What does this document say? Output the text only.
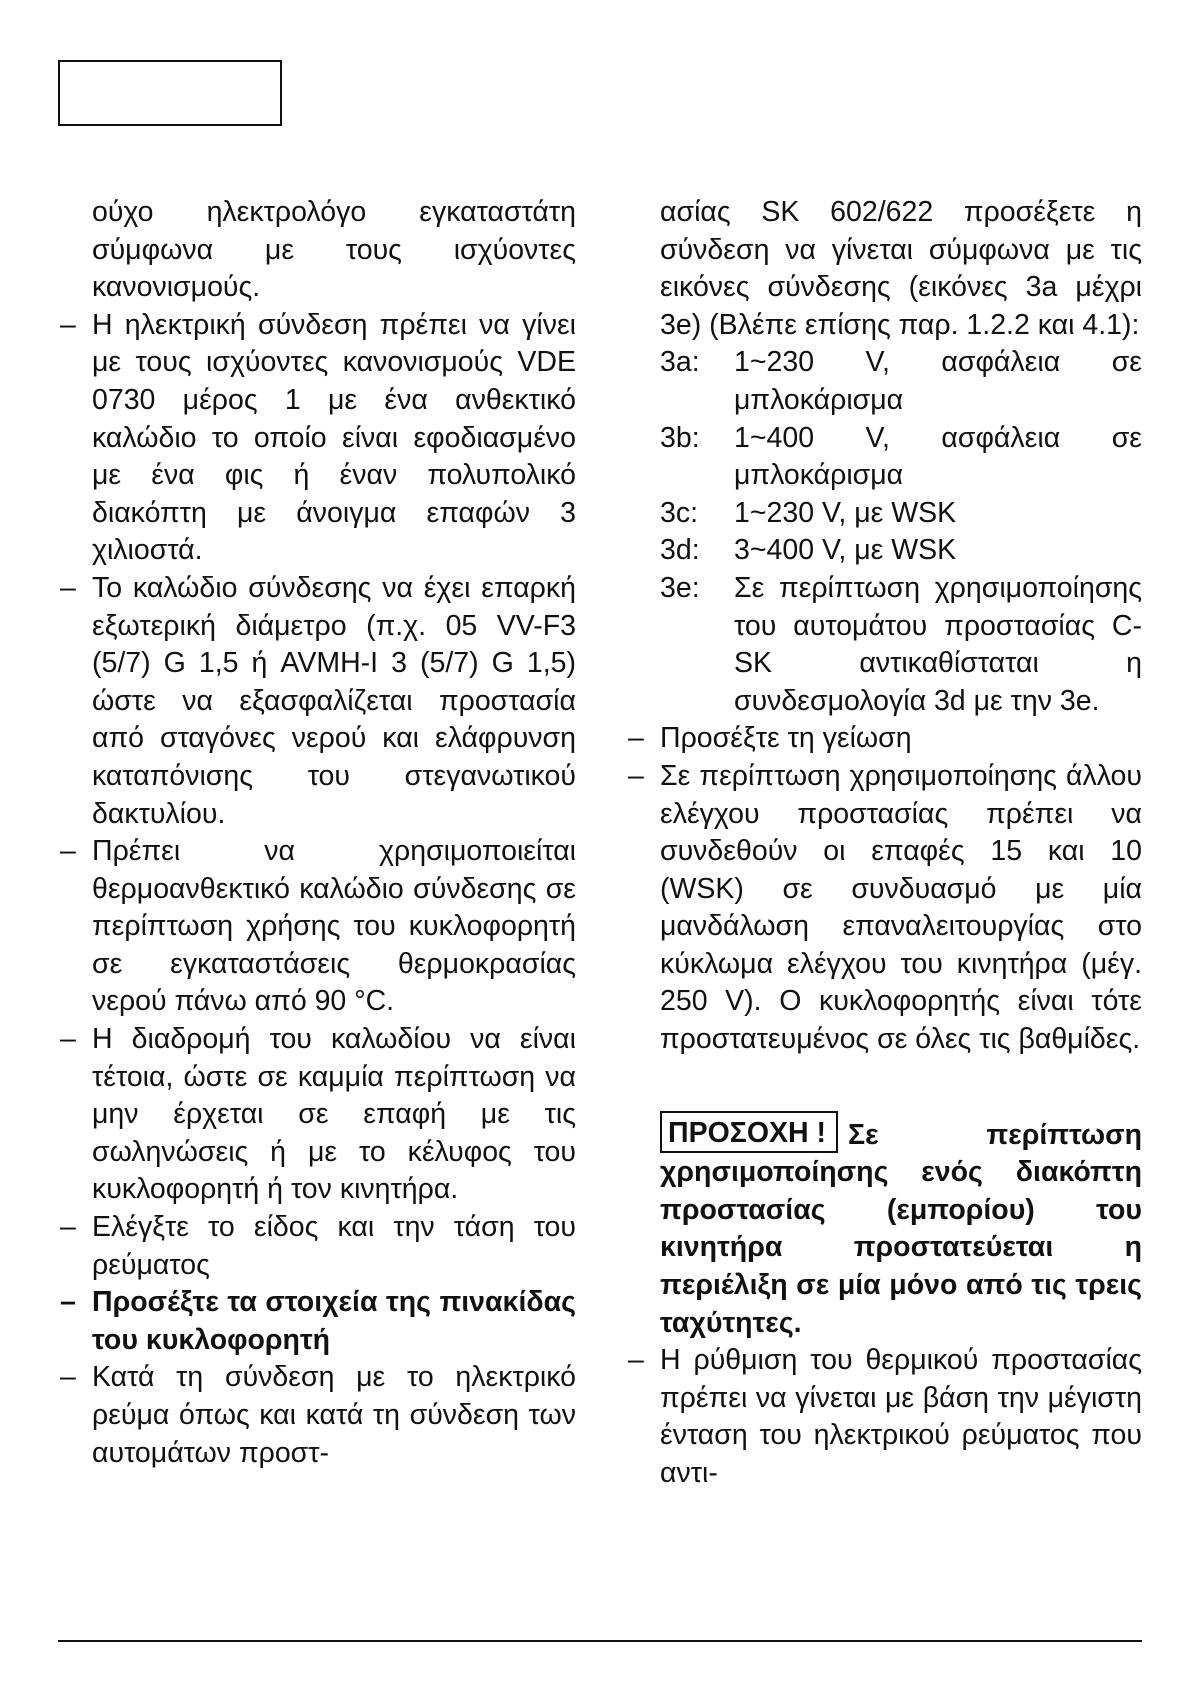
ούχο ηλεκτρολόγο εγκαταστάτη σύμφωνα με τους ισχύοντες κανονισμούς.
– Η ηλεκτρική σύνδεση πρέπει να γίνει με τους ισχύοντες κανονισμούς VDE 0730 μέρος 1 με ένα ανθεκτικό καλώδιο το οποίο είναι εφοδιασμένο με ένα φις ή έναν πολυπολικό διακόπτη με άνοιγμα επαφών 3 χιλιοστά.
– Το καλώδιο σύνδεσης να έχει επαρκή εξωτερική διάμετρο (π.χ. 05 VV-F3 (5/7) G 1,5 ή AVMH-I 3 (5/7) G 1,5) ώστε να εξασφαλίζεται προστασία από σταγόνες νερού και ελάφρυνση καταπόνισης του στεγανωτικού δακτυλίου.
– Πρέπει να χρησιμοποιείται θερμοανθεκτικό καλώδιο σύνδεσης σε περίπτωση χρήσης του κυκλοφορητή σε εγκαταστάσεις θερμοκρασίας νερού πάνω από 90 °C.
– Η διαδρομή του καλωδίου να είναι τέτοια, ώστε σε καμμία περίπτωση να μην έρχεται σε επαφή με τις σωληνώσεις ή με το κέλυφος του κυκλοφορητή ή τον κινητήρα.
– Ελέγξτε το είδος και την τάση του ρεύματος
– Προσέξτε τα στοιχεία της πινακίδας του κυκλοφορητή
– Κατά τη σύνδεση με το ηλεκτρικό ρεύμα όπως και κατά τη σύνδεση των αυτομάτων προστ-
ασίας SK 602/622 προσέξετε η σύνδεση να γίνεται σύμφωνα με τις εικόνες σύνδεσης (εικόνες 3a μέχρι 3e) (Βλέπε επίσης παρ. 1.2.2 και 4.1):
3a: 1~230 V, ασφάλεια σε μπλοκάρισμα
3b: 1~400 V, ασφάλεια σε μπλοκάρισμα
3c: 1~230 V, με WSK
3d: 3~400 V, με WSK
3e: Σε περίπτωση χρησιμοποίησης του αυτομάτου προστασίας C-SK αντικαθίσταται η συνδεσμολογία 3d με την 3e.
– Προσέξτε τη γείωση
– Σε περίπτωση χρησιμοποίησης άλλου ελέγχου προστασίας πρέπει να συνδεθούν οι επαφές 15 και 10 (WSK) σε συνδυασμό με μία μανδάλωση επαναλειτουργίας στο κύκλωμα ελέγχου του κινητήρα (μέγ. 250 V). Ο κυκλοφορητής είναι τότε προστατευμένος σε όλες τις βαθμίδες.
ΠΡΟΣΟΧΗ ! Σε περίπτωση χρησιμοποίησης ενός διακόπτη προστασίας (εμπορίου) του κινητήρα προστατεύεται η περιέλιξη σε μία μόνο από τις τρεις ταχύτητες.
– Η ρύθμιση του θερμικού προστασίας πρέπει να γίνεται με βάση την μέγιστη ένταση του ηλεκτρικού ρεύματος που αντι-
